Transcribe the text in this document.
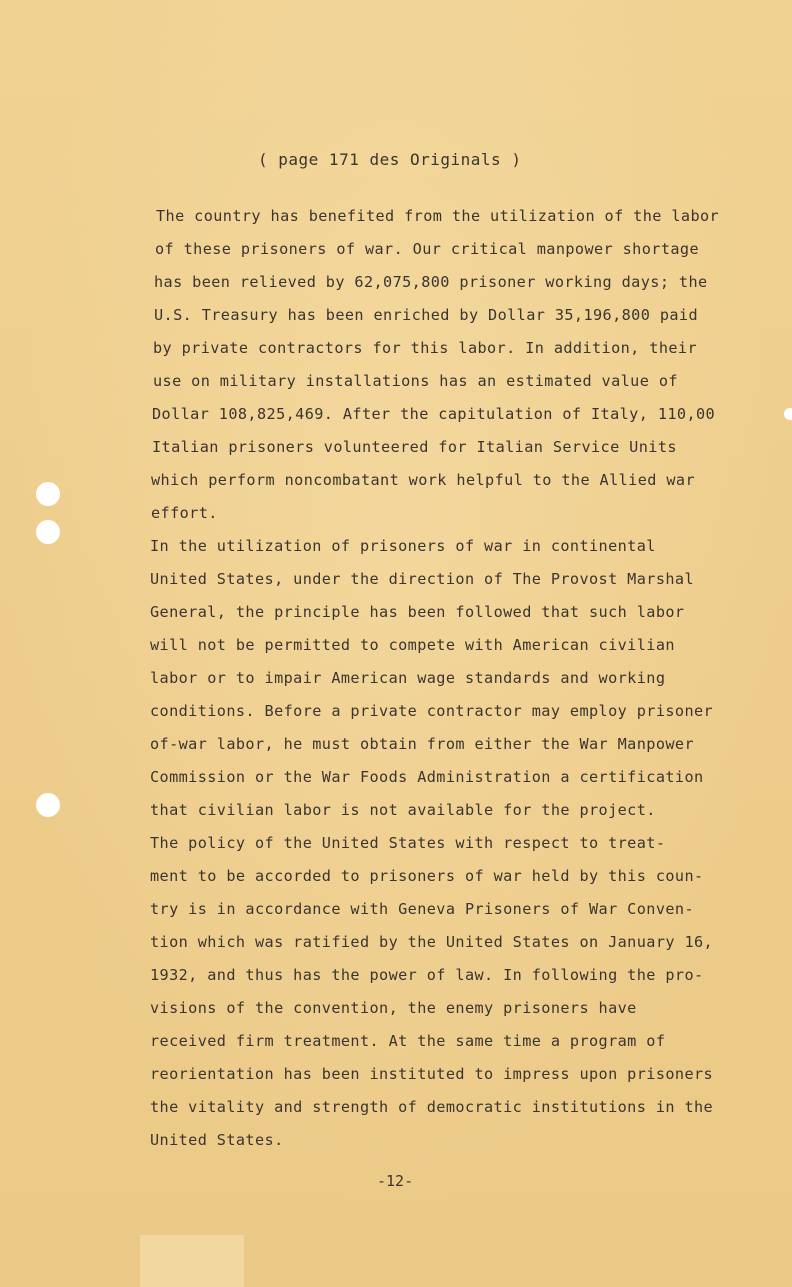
( page 171 des Originals )
The country has benefited from the utilization of the labor
of these prisoners of war. Our critical manpower shortage
has been relieved by 62,075,800 prisoner working days; the
U.S. Treasury has been enriched by Dollar 35,196,800 paid
by private contractors for this labor. In addition, their
use on military installations has an estimated value of
Dollar 108,825,469. After the capitulation of Italy, 110,00
Italian prisoners volunteered for Italian Service Units
which perform noncombatant work helpful to the Allied war
effort.
In the utilization of prisoners of war in continental
United States, under the direction of The Provost Marshal
General, the principle has been followed that such labor
will not be permitted to compete with American civilian
labor or to impair American wage standards and working
conditions. Before a private contractor may employ prisoner
of-war labor, he must obtain from either the War Manpower
Commission or the War Foods Administration a certification
that civilian labor is not available for the project.
The policy of the United States with respect to treat-
ment to be accorded to prisoners of war held by this coun-
try is in accordance with Geneva Prisoners of War Conven-
tion which was ratified by the United States on January 16,
1932, and thus has the power of law. In following the pro-
visions of the convention, the enemy prisoners have
received firm treatment. At the same time a program of
reorientation has been instituted to impress upon prisoners
the vitality and strength of democratic institutions in the
United States.
-12-
